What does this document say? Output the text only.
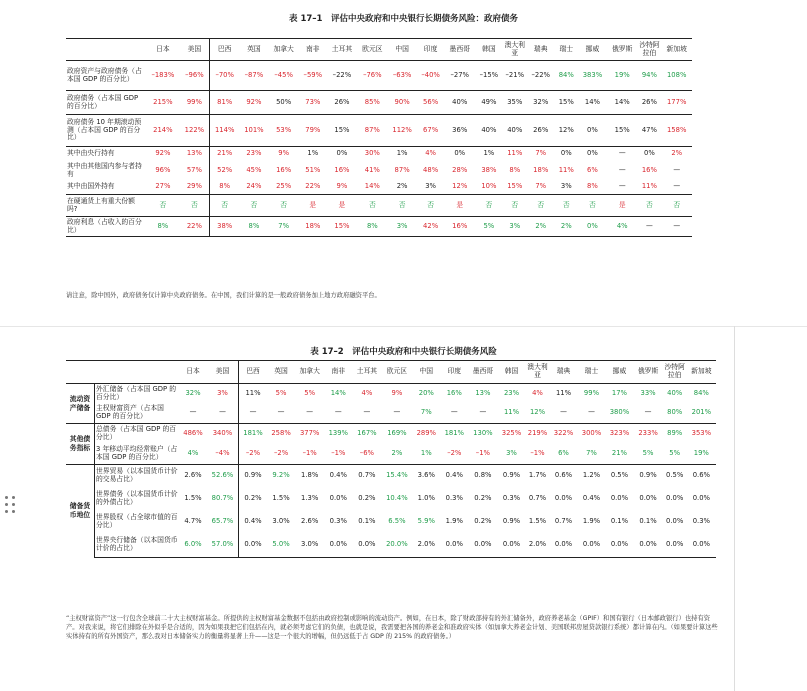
表 17–1　评估中央政府和中央银行长期债务风险：政府债务
	日本	美国	巴西	英国	加拿大	南非	土耳其	欧元区	中国	印度	墨西哥	韩国	澳大利亚	瑞典	瑞士	挪威	俄罗斯	沙特阿拉伯	新加坡
政府资产与政府债务（占本国 GDP 的百分比）	–183%	–96%	–70%	–87%	–45%	–59%	–22%	–76%	–63%	–40%	–27%	–15%	–21%	–22%	84%	383%	19%	94%	108%
政府债务（占本国 GDP 的百分比）	215%	99%	81%	92%	50%	73%	26%	85%	90%	56%	40%	49%	35%	32%	15%	14%	14%	26%	177%
政府债务 10 年期滚动预测（占本国 GDP 的百分比）	214%	122%	114%	101%	53%	79%	15%	87%	112%	67%	36%	40%	40%	26%	12%	0%	15%	47%	158%
其中由央行持有	92%	13%	21%	23%	9%	1%	0%	30%	1%	4%	0%	1%	11%	7%	0%	0%	—	0%	2%
其中由其他国内参与者持有	96%	57%	52%	45%	16%	51%	16%	41%	87%	48%	28%	38%	8%	18%	11%	6%	—	16%	—
其中由国外持有	27%	29%	8%	24%	25%	22%	9%	14%	2%	3%	12%	10%	15%	7%	3%	8%	—	11%	—
在硬通货上有重大份额吗?	否	否	否	否	否	是	是	否	否	否	是	否	否	否	否	否	是	否	否
政府利息（占收入的百分比）	8%	22%	38%	8%	7%	18%	15%	8%	3%	42%	16%	5%	3%	2%	2%	0%	4%	—	—
请注意，除中国外，政府债务仅计算中央政府债务。在中国，我们计算的是一般政府债务加上地方政府融资平台。
表 17–2　评估中央政府和中央银行长期债务风险
		日本	美国	巴西	英国	加拿大	南非	土耳其	欧元区	中国	印度	墨西哥	韩国	澳大利亚	瑞典	瑞士	挪威	俄罗斯	沙特阿拉伯	新加坡
流动资产储备	外汇储备（占本国 GDP 的百分比）	32%	3%	11%	5%	5%	14%	4%	9%	20%	16%	13%	23%	4%	11%	99%	17%	33%	40%	84%
	主权财富资产（占本国 GDP 的百分比）	—	—	—	—	—	—	—	—	7%	—	—	11%	12%	—	—	380%	—	80%	201%
其他债务指标	总债务（占本国 GDP 的百分比）	486%	340%	181%	258%	377%	139%	167%	169%	289%	181%	130%	325%	219%	322%	300%	323%	233%	89%	353%
	3 年移动平均经常账户（占本国 GDP 的百分比）	4%	–4%	–2%	–2%	–1%	–1%	–6%	2%	1%	–2%	–1%	3%	–1%	6%	7%	21%	5%	5%	19%
储备货币地位	世界贸易（以本国货币计价的交易占比）	2.6%	52.6%	0.9%	9.2%	1.8%	0.4%	0.7%	15.4%	3.6%	0.4%	0.8%	0.9%	1.7%	0.6%	1.2%	0.5%	0.9%	0.5%	0.6%
	世界债务（以本国货币计价的外债占比）	1.5%	80.7%	0.2%	1.5%	1.3%	0.0%	0.2%	10.4%	1.0%	0.3%	0.2%	0.3%	0.7%	0.0%	0.4%	0.0%	0.0%	0.0%	0.0%
	世界股权（占全球市值的百分比）	4.7%	65.7%	0.4%	3.0%	2.6%	0.3%	0.1%	6.5%	5.9%	1.9%	0.2%	0.9%	1.5%	0.7%	1.9%	0.1%	0.1%	0.0%	0.3%
	世界央行储备（以本国货币计价的占比）	6.0%	57.0%	0.0%	5.0%	3.0%	0.0%	0.0%	20.0%	2.0%	0.0%	0.0%	0.0%	2.0%	0.0%	0.0%	0.0%	0.0%	0.0%	0.0%
“主权财富资产”这一行包含全球前二十大主权财富基金。所提供的主权财富基金数据不包括由政府控制或影响的流动资产。例如，在日本，除了财政部持有的外汇储备外，政府养老基金（GPIF）和国有银行（日本邮政银行）也持有资产。对我来说，将它们排除在外似乎是合适的，因为如果我把它们包括在内，就必须考虑它们的负债，也就是说，我需要把各国的养老金和准政府实体（如加拿大养老金计划、美国联邦房屋贷款银行系统）都计算在内。（如果要计算这些实体持有的所有外国资产，那么我对日本储备实力的衡量将显著上升——这是一个很大的增幅，但仍远低于占 GDP 的 215% 的政府债务。）
